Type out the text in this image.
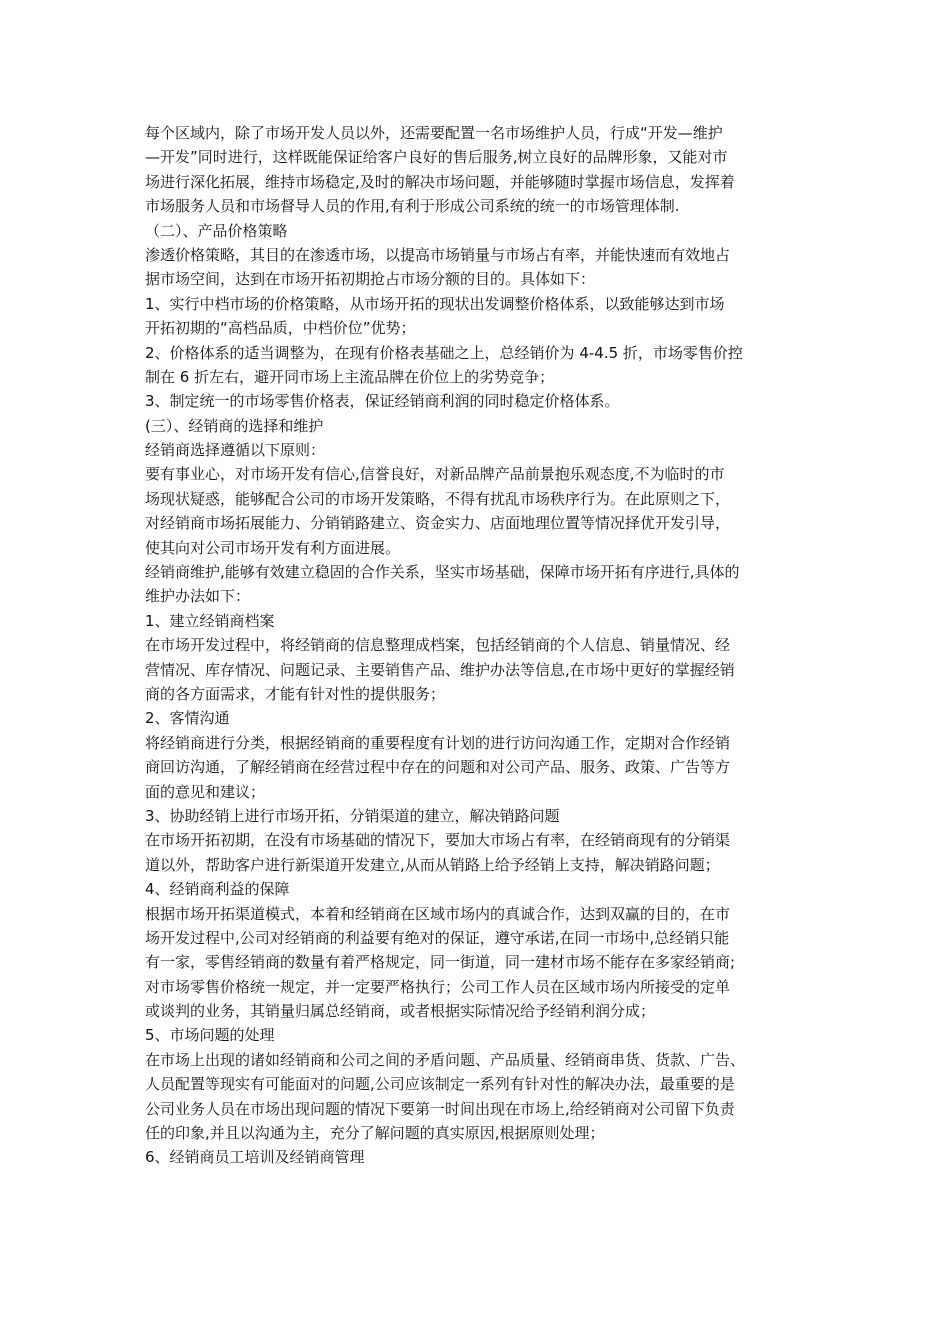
每个区域内，除了市场开发人员以外，还需要配置一名市场维护人员，行成“开发—维护
—开发”同时进行，这样既能保证给客户良好的售后服务,树立良好的品牌形象，又能对市
场进行深化拓展，维持市场稳定,及时的解决市场问题，并能够随时掌握市场信息，发挥着
市场服务人员和市场督导人员的作用,有利于形成公司系统的统一的市场管理体制.
（二）、产品价格策略
渗透价格策略，其目的在渗透市场，以提高市场销量与市场占有率，并能快速而有效地占
据市场空间，达到在市场开拓初期抢占市场分额的目的。具体如下：
1、实行中档市场的价格策略，从市场开拓的现状出发调整价格体系，以致能够达到市场
开拓初期的“高档品质，中档价位”优势；
2、价格体系的适当调整为，在现有价格表基础之上，总经销价为 4-4.5 折，市场零售价控
制在 6 折左右，避开同市场上主流品牌在价位上的劣势竞争；
3、制定统一的市场零售价格表，保证经销商利润的同时稳定价格体系。
(三）、经销商的选择和维护
经销商选择遵循以下原则：
要有事业心，对市场开发有信心,信誉良好，对新品牌产品前景抱乐观态度,不为临时的市
场现状疑惑，能够配合公司的市场开发策略，不得有扰乱市场秩序行为。在此原则之下，
对经销商市场拓展能力、分销销路建立、资金实力、店面地理位置等情况择优开发引导，
使其向对公司市场开发有利方面进展。
经销商维护,能够有效建立稳固的合作关系，坚实市场基础，保障市场开拓有序进行,具体的
维护办法如下：
1、建立经销商档案
在市场开发过程中，将经销商的信息整理成档案，包括经销商的个人信息、销量情况、经
营情况、库存情况、问题记录、主要销售产品、维护办法等信息,在市场中更好的掌握经销
商的各方面需求，才能有针对性的提供服务；
2、客情沟通
将经销商进行分类，根据经销商的重要程度有计划的进行访问沟通工作，定期对合作经销
商回访沟通，了解经销商在经营过程中存在的问题和对公司产品、服务、政策、广告等方
面的意见和建议；
3、协助经销上进行市场开拓，分销渠道的建立，解决销路问题
在市场开拓初期，在没有市场基础的情况下，要加大市场占有率，在经销商现有的分销渠
道以外，帮助客户进行新渠道开发建立,从而从销路上给予经销上支持，解决销路问题；
4、经销商利益的保障
根据市场开拓渠道模式，本着和经销商在区域市场内的真诚合作，达到双赢的目的，在市
场开发过程中,公司对经销商的利益要有绝对的保证，遵守承诺,在同一市场中,总经销只能
有一家，零售经销商的数量有着严格规定，同一街道，同一建材市场不能存在多家经销商;
对市场零售价格统一规定，并一定要严格执行；公司工作人员在区域市场内所接受的定单
或谈判的业务，其销量归属总经销商，或者根据实际情况给予经销利润分成；
5、市场问题的处理
在市场上出现的诸如经销商和公司之间的矛盾问题、产品质量、经销商串货、货款、广告、
人员配置等现实有可能面对的问题,公司应该制定一系列有针对性的解决办法，最重要的是
公司业务人员在市场出现问题的情况下要第一时间出现在市场上,给经销商对公司留下负责
任的印象,并且以沟通为主，充分了解问题的真实原因,根据原则处理；
6、经销商员工培训及经销商管理
